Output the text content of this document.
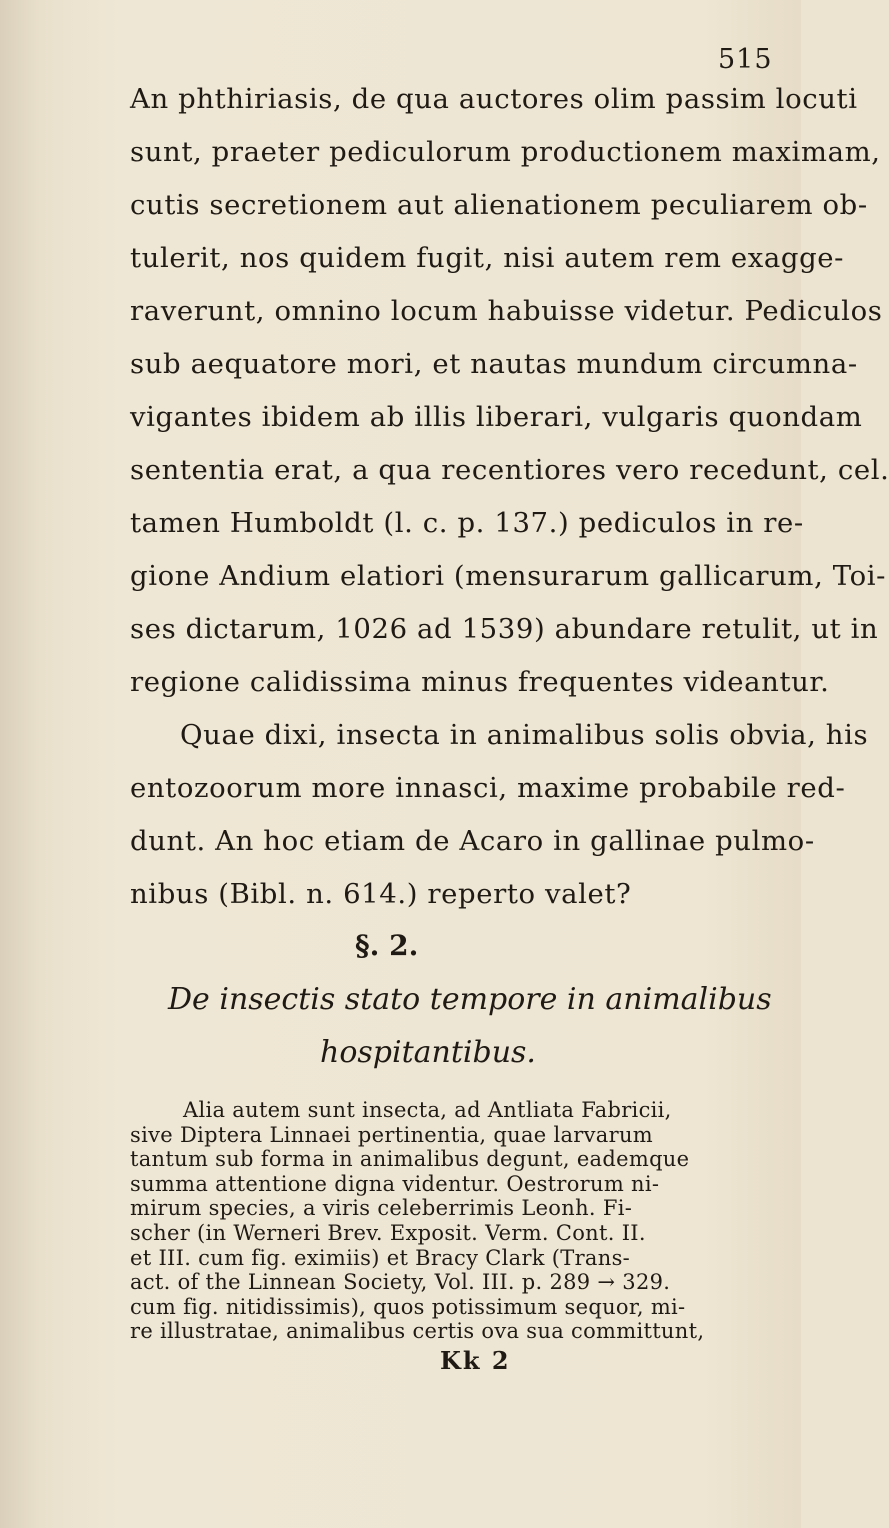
515
An phthiriasis, de qua auctores olim passim locuti
sunt, praeter pediculorum productionem maximam,
cutis secretionem aut alienationem peculiarem ob-
tulerit, nos quidem fugit, nisi autem rem exagge-
raverunt, omnino locum habuisse videtur. Pediculos
sub aequatore mori, et nautas mundum circumna-
vigantes ibidem ab illis liberari, vulgaris quondam
sententia erat, a qua recentiores vero recedunt, cel.
tamen Humboldt (l. c. p. 137.) pediculos in re-
gione Andium elatiori (mensurarum gallicarum, Toi-
ses dictarum, 1026 ad 1539) abundare retulit, ut in
regione calidissima minus frequentes videantur.
Quae dixi, insecta in animalibus solis obvia, his
entozoorum more innasci, maxime probabile red-
dunt. An hoc etiam de Acaro in gallinae pulmo-
nibus (Bibl. n. 614.) reperto valet?
§. 2.
De insectis stato tempore in animalibus
hospitantibus.
Alia autem sunt insecta, ad Antliata Fabricii,
sive Diptera Linnaei pertinentia, quae larvarum
tantum sub forma in animalibus degunt, eademque
summa attentione digna videntur. Oestrorum ni-
mirum species, a viris celeberrimis Leonh. Fi-
scher (in Werneri Brev. Exposit. Verm. Cont. II.
et III. cum fig. eximiis) et Bracy Clark (Trans-
act. of the Linnean Society, Vol. III. p. 289 → 329.
cum fig. nitidissimis), quos potissimum sequor, mi-
re illustratae, animalibus certis ova sua committunt,
Kk 2
